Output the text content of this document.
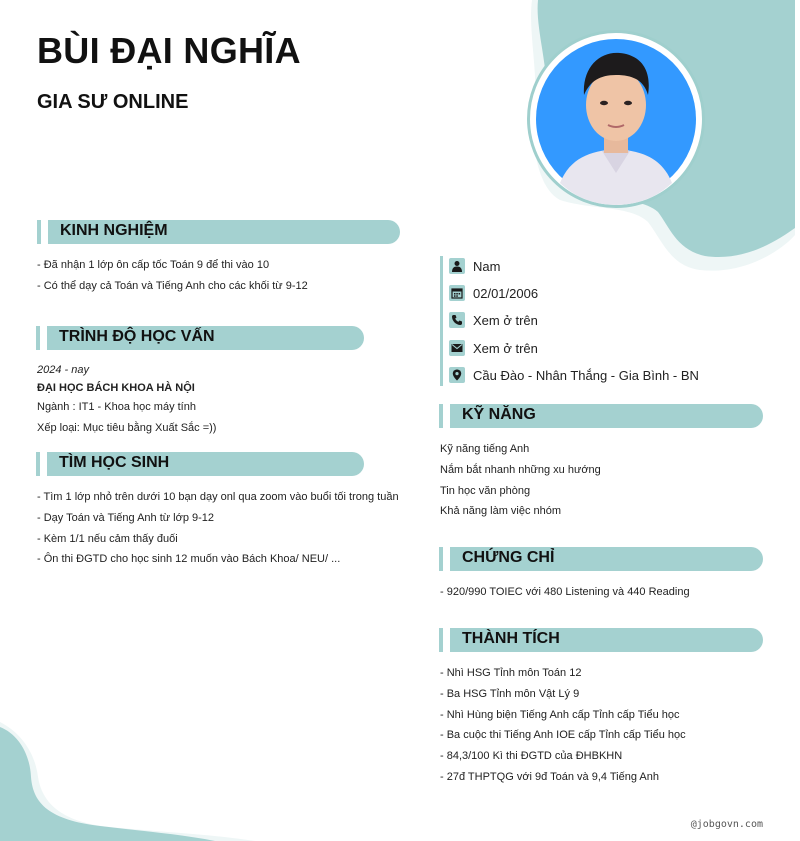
BÙI ĐẠI NGHĨA
GIA SƯ ONLINE
KINH NGHIỆM
- Đã nhận 1 lớp ôn cấp tốc Toán 9 để thi vào 10
- Có thể dạy cả Toán và Tiếng Anh cho các khối từ 9-12
TRÌNH ĐỘ HỌC VẤN
2024 - nay
ĐẠI HỌC BÁCH KHOA HÀ NỘI
Ngành : IT1 - Khoa học máy tính
Xếp loại: Mục tiêu bằng Xuất Sắc =))
TÌM HỌC SINH
- Tìm 1 lớp nhỏ trên dưới 10 bạn dạy onl qua zoom vào buổi tối trong tuần
- Dạy Toán và Tiếng Anh từ lớp 9-12
- Kèm 1/1 nếu cảm thấy đuối
- Ôn thi ĐGTD cho học sinh 12 muốn vào Bách Khoa/ NEU/ ...
Nam
02/01/2006
Xem ở trên
Xem ở trên
Cầu Đào - Nhân Thắng - Gia Bình - BN
KỸ NĂNG
Kỹ năng tiếng Anh
Nắm bắt nhanh những xu hướng
Tin học văn phòng
Khả năng làm việc nhóm
CHỨNG CHỈ
- 920/990 TOIEC với 480 Listening và 440 Reading
THÀNH TÍCH
- Nhì HSG Tỉnh môn Toán 12
- Ba HSG Tỉnh môn Vật Lý 9
- Nhì Hùng biện Tiếng Anh cấp Tỉnh cấp Tiểu học
- Ba cuộc thi Tiếng Anh IOE cấp Tỉnh cấp Tiểu học
- 84,3/100 Kì thi ĐGTD của ĐHBKHN
- 27đ THPTQG với 9đ Toán và 9,4 Tiếng Anh
@jobgovn.com
